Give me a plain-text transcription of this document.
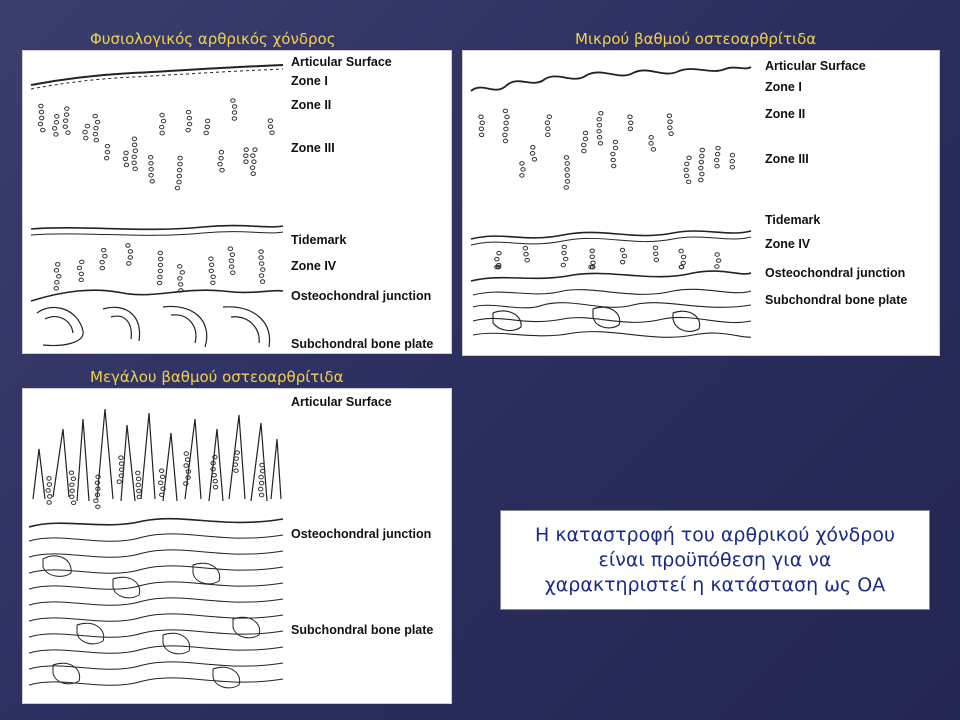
Φυσιολογικός αρθρικός χόνδρος	Μικρού βαθμού οστεοαρθρίτιδα
Μεγάλου βαθμού οστεοαρθρίτιδα
Articular Surface
Zone I
Zone II
Zone III
Tidemark
Zone IV
Osteochondral junction
Subchondral bone plate
Articular Surface
Zone I
Zone II
Zone III
Tidemark
Zone IV
Osteochondral junction
Subchondral bone plate
Articular Surface
Osteochondral junction
Subchondral bone plate
Η καταστροφή του αρθρικού χόνδρου
είναι προϋπόθεση για να
χαρακτηριστεί η κατάσταση ως ΟΑ
